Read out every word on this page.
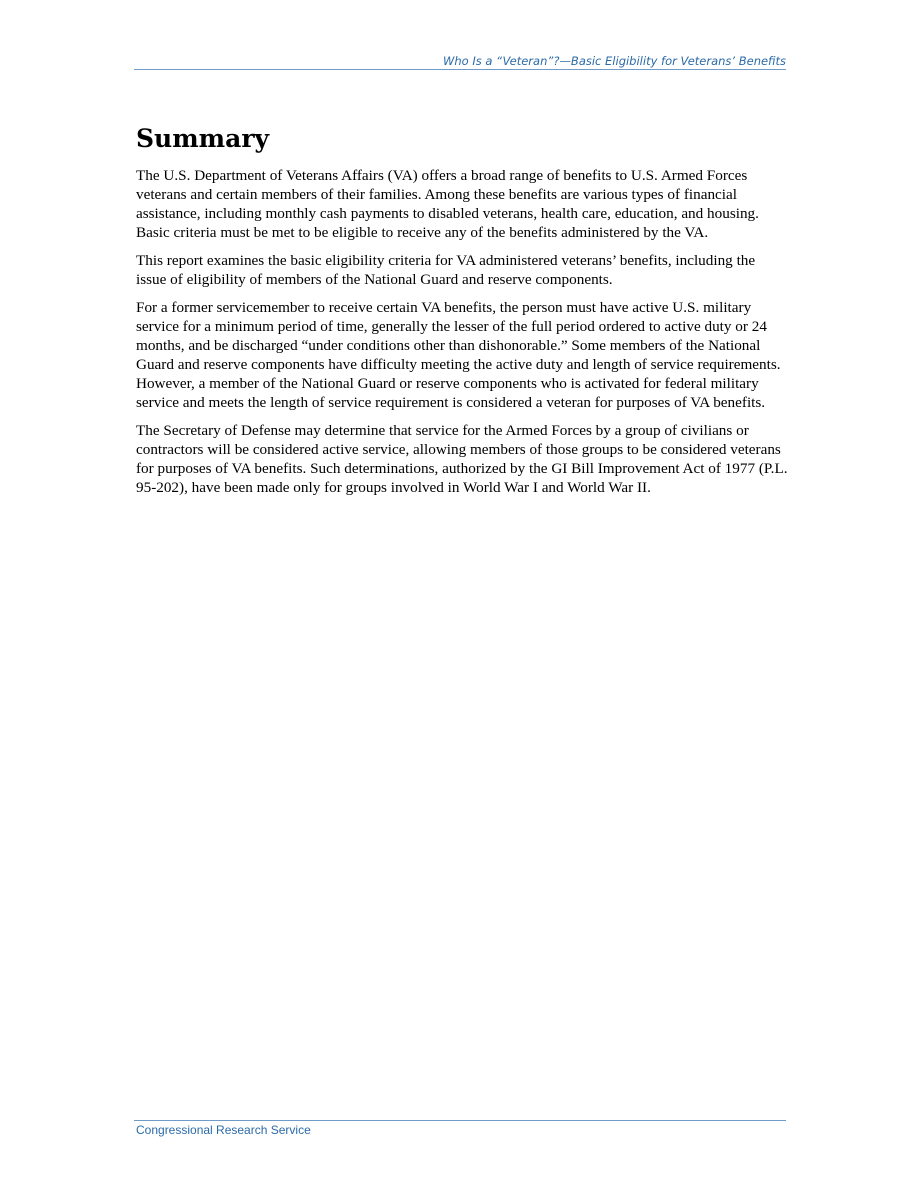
Who Is a “Veteran”?—Basic Eligibility for Veterans’ Benefits
Summary

The U.S. Department of Veterans Affairs (VA) offers a broad range of benefits to U.S. Armed Forces veterans and certain members of their families. Among these benefits are various types of financial assistance, including monthly cash payments to disabled veterans, health care, education, and housing. Basic criteria must be met to be eligible to receive any of the benefits administered by the VA.

This report examines the basic eligibility criteria for VA administered veterans’ benefits, including the issue of eligibility of members of the National Guard and reserve components.

For a former servicemember to receive certain VA benefits, the person must have active U.S. military service for a minimum period of time, generally the lesser of the full period ordered to active duty or 24 months, and be discharged “under conditions other than dishonorable.” Some members of the National Guard and reserve components have difficulty meeting the active duty and length of service requirements. However, a member of the National Guard or reserve components who is activated for federal military service and meets the length of service requirement is considered a veteran for purposes of VA benefits.

The Secretary of Defense may determine that service for the Armed Forces by a group of civilians or contractors will be considered active service, allowing members of those groups to be considered veterans for purposes of VA benefits. Such determinations, authorized by the GI Bill Improvement Act of 1977 (P.L. 95-202), have been made only for groups involved in World War I and World War II.

Congressional Research Service
